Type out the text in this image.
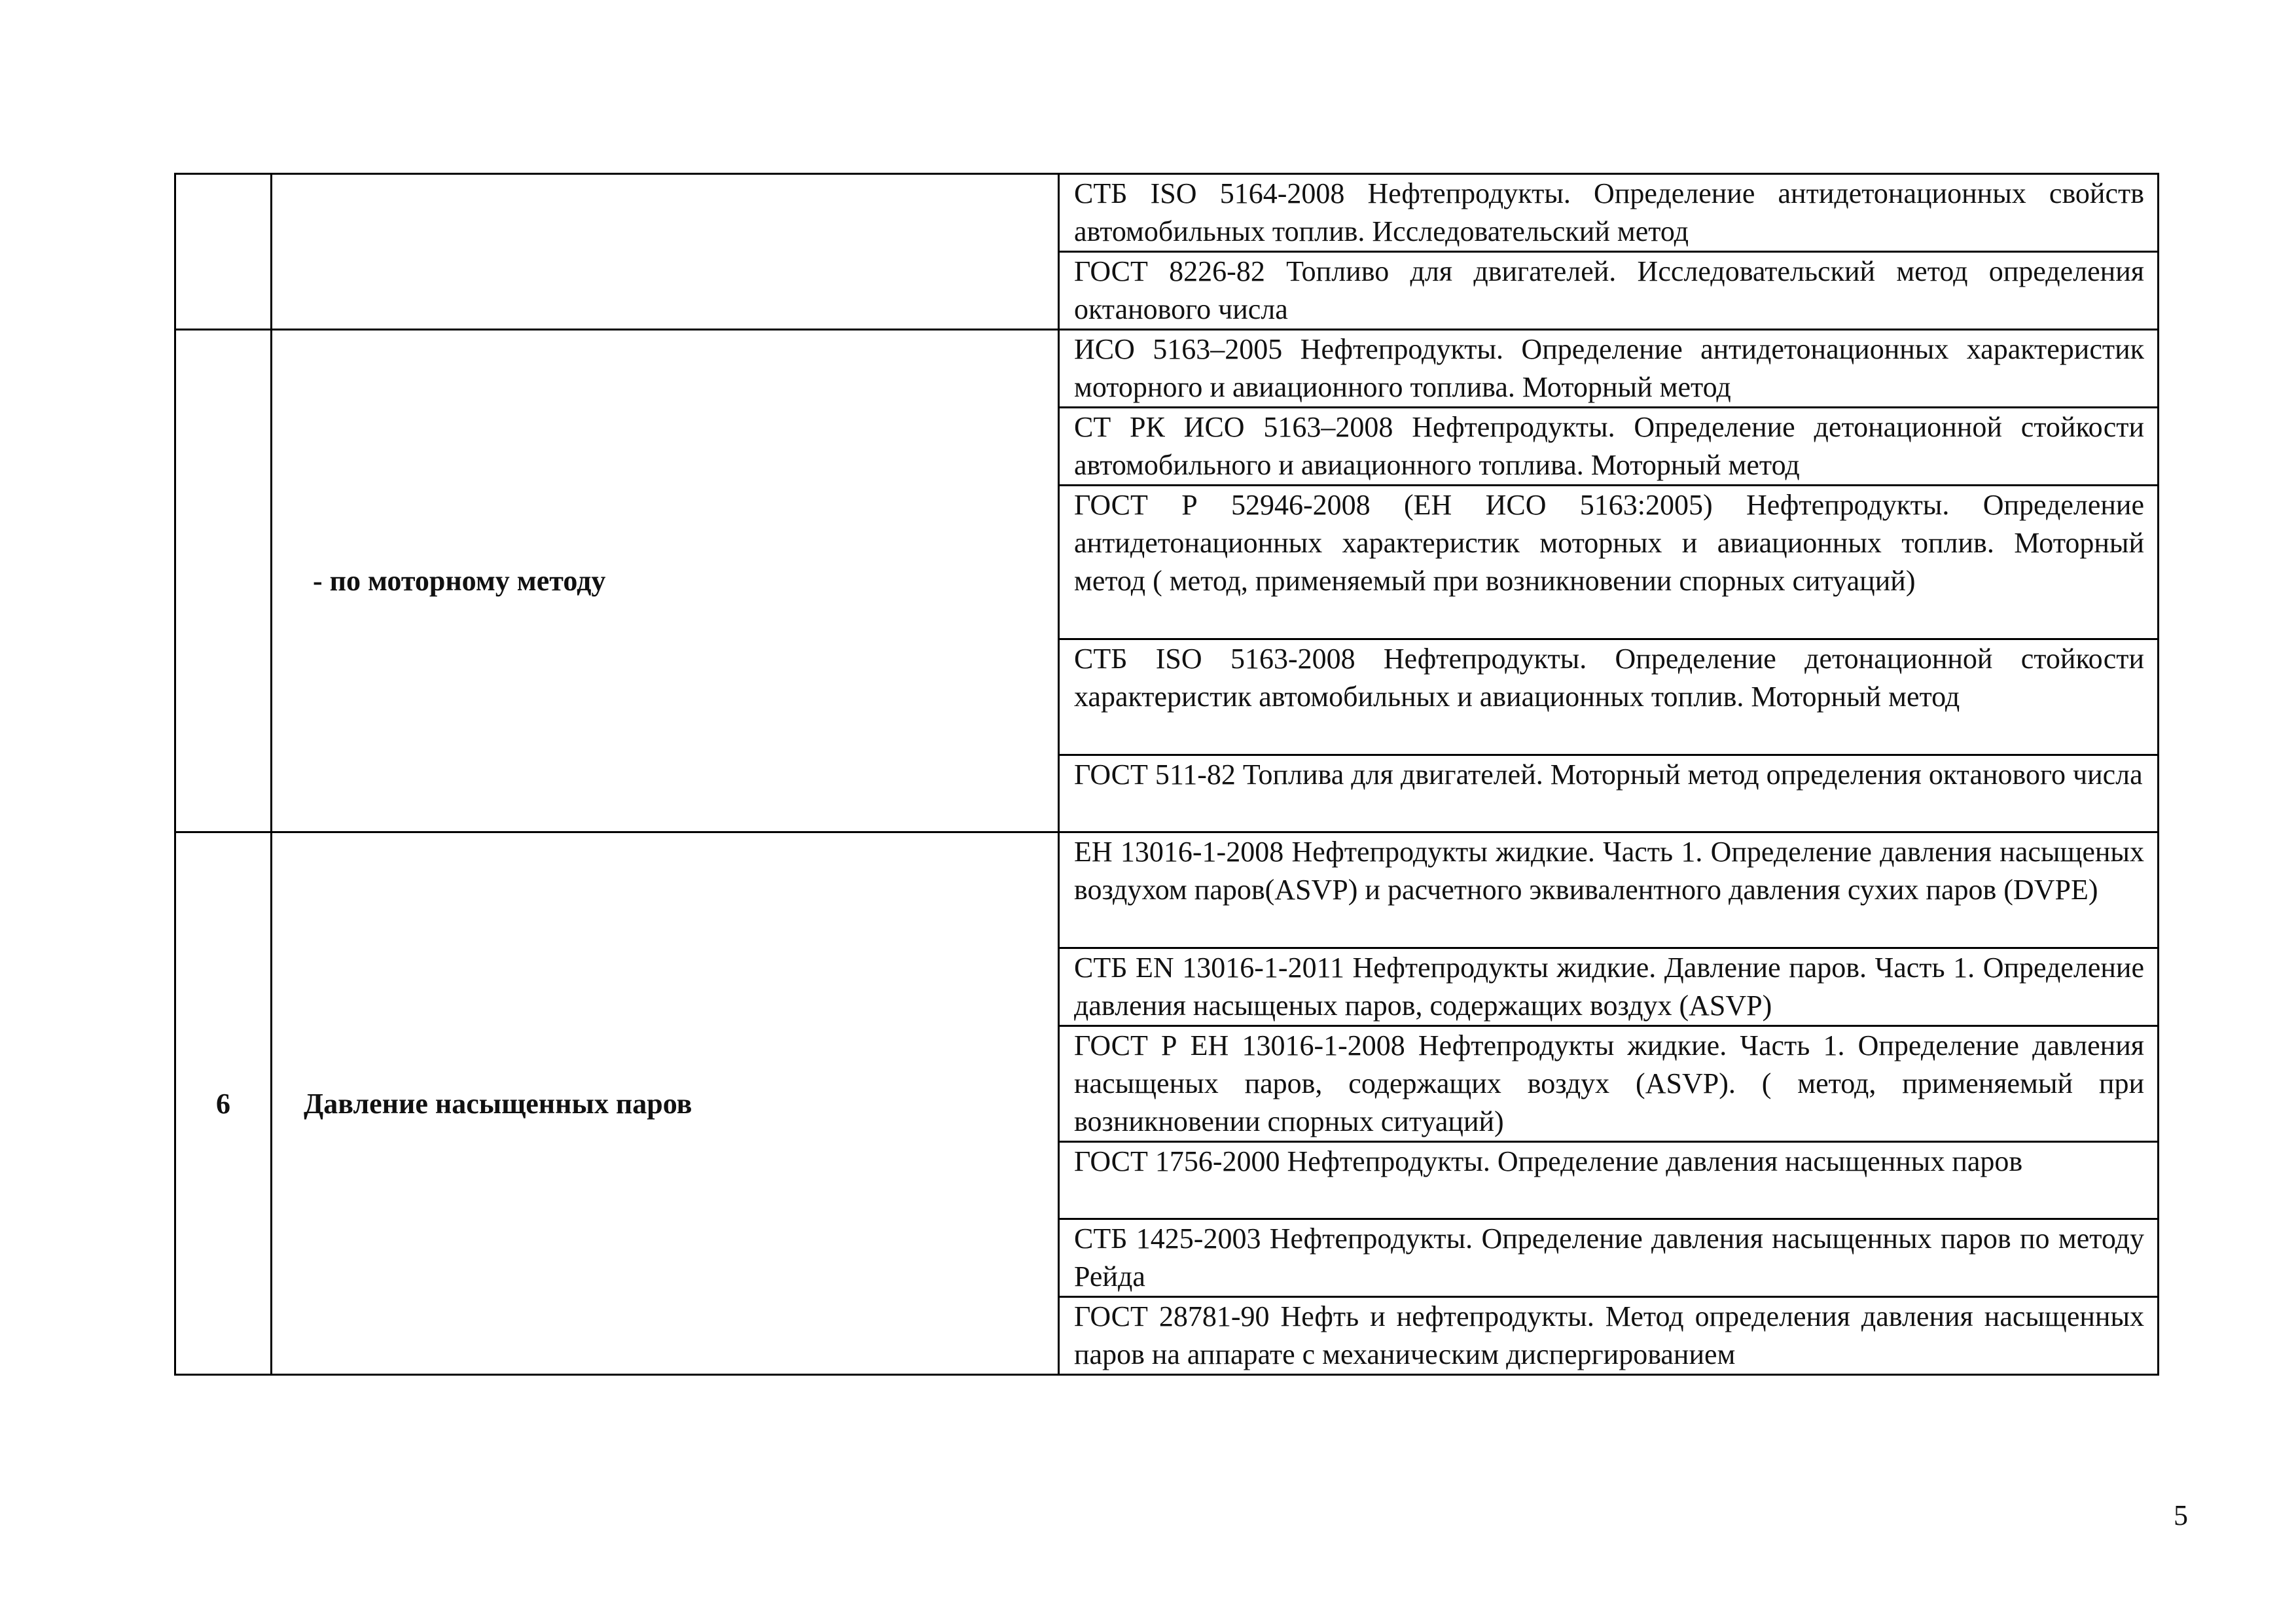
		СТБ ISO 5164-2008 Нефтепродукты. Определение антидетонационных свойств автомобильных топлив. Исследовательский метод
		ГОСТ 8226-82 Топливо для двигателей. Исследовательский метод определения октанового числа
	- по моторному методу	ИСО 5163–2005 Нефтепродукты. Определение антидетонационных характеристик моторного и авиационного топлива. Моторный метод
		СТ РК ИСО 5163–2008 Нефтепродукты. Определение детонационной стойкости автомобильного и авиационного топлива. Моторный метод
		ГОСТ Р 52946-2008 (ЕН ИСО 5163:2005) Нефтепродукты. Определение антидетонационных характеристик моторных и авиационных топлив. Моторный метод ( метод, применяемый при возникновении спорных ситуаций)
		СТБ ISO 5163-2008 Нефтепродукты. Определение детонационной стойкости характеристик автомобильных и авиационных топлив. Моторный метод
		ГОСТ 511-82 Топлива для двигателей. Моторный метод определения октанового числа
6	Давление насыщенных паров	ЕН 13016-1-2008 Нефтепродукты жидкие. Часть 1. Определение давления насыщеных воздухом паров(ASVP) и расчетного эквивалентного давления сухих паров (DVPE)
		СТБ EN 13016-1-2011 Нефтепродукты жидкие. Давление паров. Часть 1. Определение давления насыщеных паров, содержащих воздух (ASVP)
		ГОСТ Р ЕН 13016-1-2008 Нефтепродукты жидкие. Часть 1. Определение давления насыщеных паров, содержащих воздух (ASVP). ( метод, применяемый при возникновении спорных ситуаций)
		ГОСТ 1756-2000 Нефтепродукты. Определение давления насыщенных паров
		СТБ 1425-2003 Нефтепродукты. Определение давления насыщенных паров по методу Рейда
		ГОСТ 28781-90 Нефть и нефтепродукты. Метод определения давления насыщенных паров на аппарате с механическим диспергированием
5
